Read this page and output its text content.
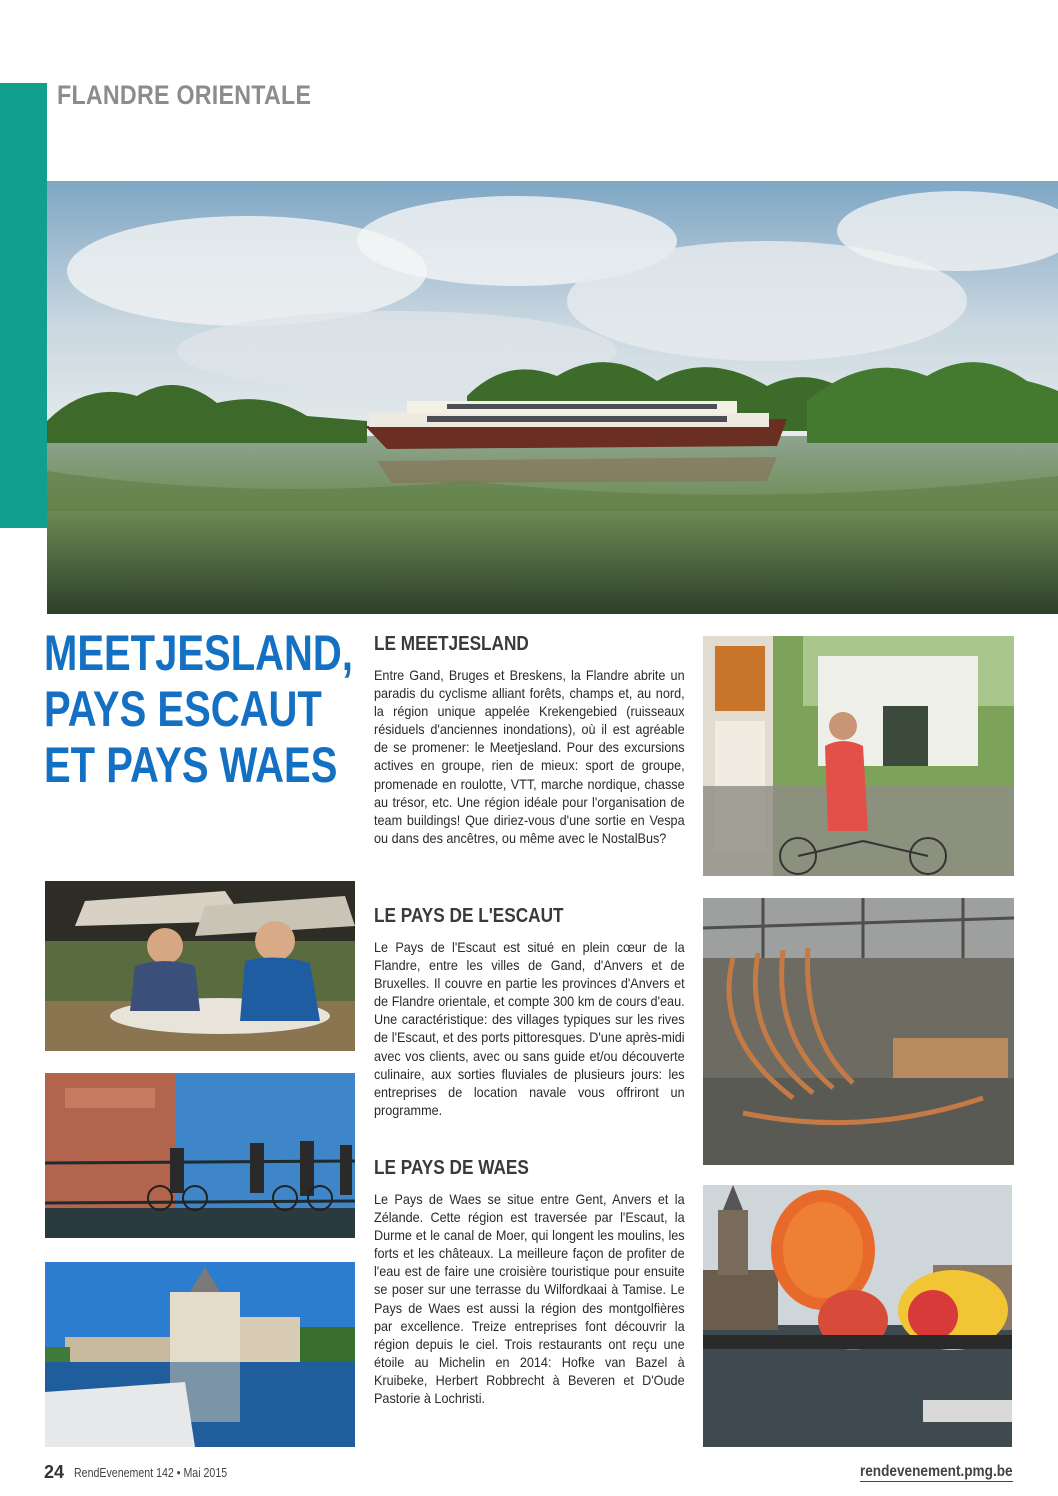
FLANDRE ORIENTALE
MEETJESLAND,
PAYS ESCAUT
ET PAYS WAES
LE MEETJESLAND

Entre Gand, Bruges et Breskens, la Flandre abrite un paradis du cyclisme alliant forêts, champs et, au nord, la région unique appelée Krekengebied (ruisseaux résiduels d'anciennes inondations), où il est agréable de se promener: le Meetjesland. Pour des excursions actives en groupe, rien de mieux: sport de groupe, promenade en roulotte, VTT, marche nordique, chasse au trésor, etc. Une région idéale pour l'organisation de team buildings! Que diriez-vous d'une sortie en Vespa ou dans des ancêtres, ou même avec le NostalBus?

LE PAYS DE L'ESCAUT

Le Pays de l'Escaut est situé en plein cœur de la Flandre, entre les villes de Gand, d'Anvers et de Bruxelles. Il couvre en partie les provinces d'Anvers et de Flandre orientale, et compte 300 km de cours d'eau. Une caractéristique: des villages typiques sur les rives de l'Escaut, et des ports pittoresques. D'une après-midi avec vos clients, avec ou sans guide et/ou découverte culinaire, aux sorties fluviales de plusieurs jours: les entreprises de location navale vous offriront un programme.

LE PAYS DE WAES

Le Pays de Waes se situe entre Gent, Anvers et la Zélande. Cette région est traversée par l'Escaut, la Durme et le canal de Moer, qui longent les moulins, les forts et les châteaux. La meilleure façon de profiter de l'eau est de faire une croisière touristique pour ensuite se poser sur une terrasse du Wilfordkaai à Tamise. Le Pays de Waes est aussi la région des montgolfières par excellence. Treize entreprises font découvrir la région depuis le ciel. Trois restaurants ont reçu une étoile au Michelin en 2014: Hofke van Bazel à Kruibeke, Herbert Robbrecht à Beveren et D'Oude Pastorie à Lochristi.

24 RendEvenement 142 • Mai 2015	rendevenement.pmg.be
